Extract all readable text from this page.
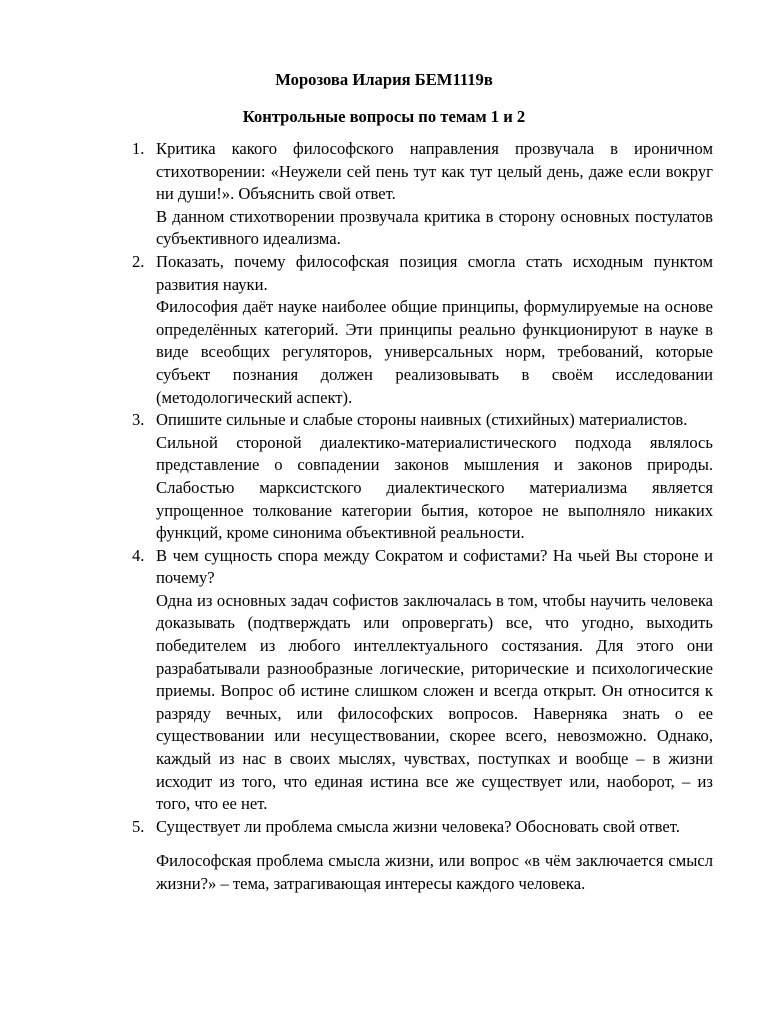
Морозова Илария БЕМ1119в

Контрольные вопросы по темам 1 и 2

1. Критика какого философского направления прозвучала в ироничном стихотворении: «Неужели сей пень тут как тут целый день, даже если вокруг ни души!». Объяснить свой ответ.

В данном стихотворении прозвучала критика в сторону основных постулатов субъективного идеализма.

2. Показать, почему философская позиция смогла стать исходным пунктом развития науки.

Философия даёт науке наиболее общие принципы, формулируемые на основе определённых категорий. Эти принципы реально функционируют в науке в виде всеобщих регуляторов, универсальных норм, требований, которые субъект познания должен реализовывать в своём исследовании (методологический аспект).

3. Опишите сильные и слабые стороны наивных (стихийных) материалистов.

Сильной стороной диалектико-материалистического подхода являлось представление о совпадении законов мышления и законов природы. Слабостью марксистского диалектического материализма является упрощенное толкование категории бытия, которое не выполняло никаких функций, кроме синонима объективной реальности.

4. В чем сущность спора между Сократом и софистами? На чьей Вы стороне и почему?

Одна из основных задач софистов заключалась в том, чтобы научить человека доказывать (подтверждать или опровергать) все, что угодно, выходить победителем из любого интеллектуального состязания. Для этого они разрабатывали разнообразные логические, риторические и психологические приемы. Вопрос об истине слишком сложен и всегда открыт. Он относится к разряду вечных, или философских вопросов. Наверняка знать о ее существовании или несуществовании, скорее всего, невозможно. Однако, каждый из нас в своих мыслях, чувствах, поступках и вообще – в жизни исходит из того, что единая истина все же существует или, наоборот, – из того, что ее нет.

5. Существует ли проблема смысла жизни человека? Обосновать свой ответ.

Философская проблема смысла жизни, или вопрос «в чём заключается смысл жизни?» – тема, затрагивающая интересы каждого человека.
